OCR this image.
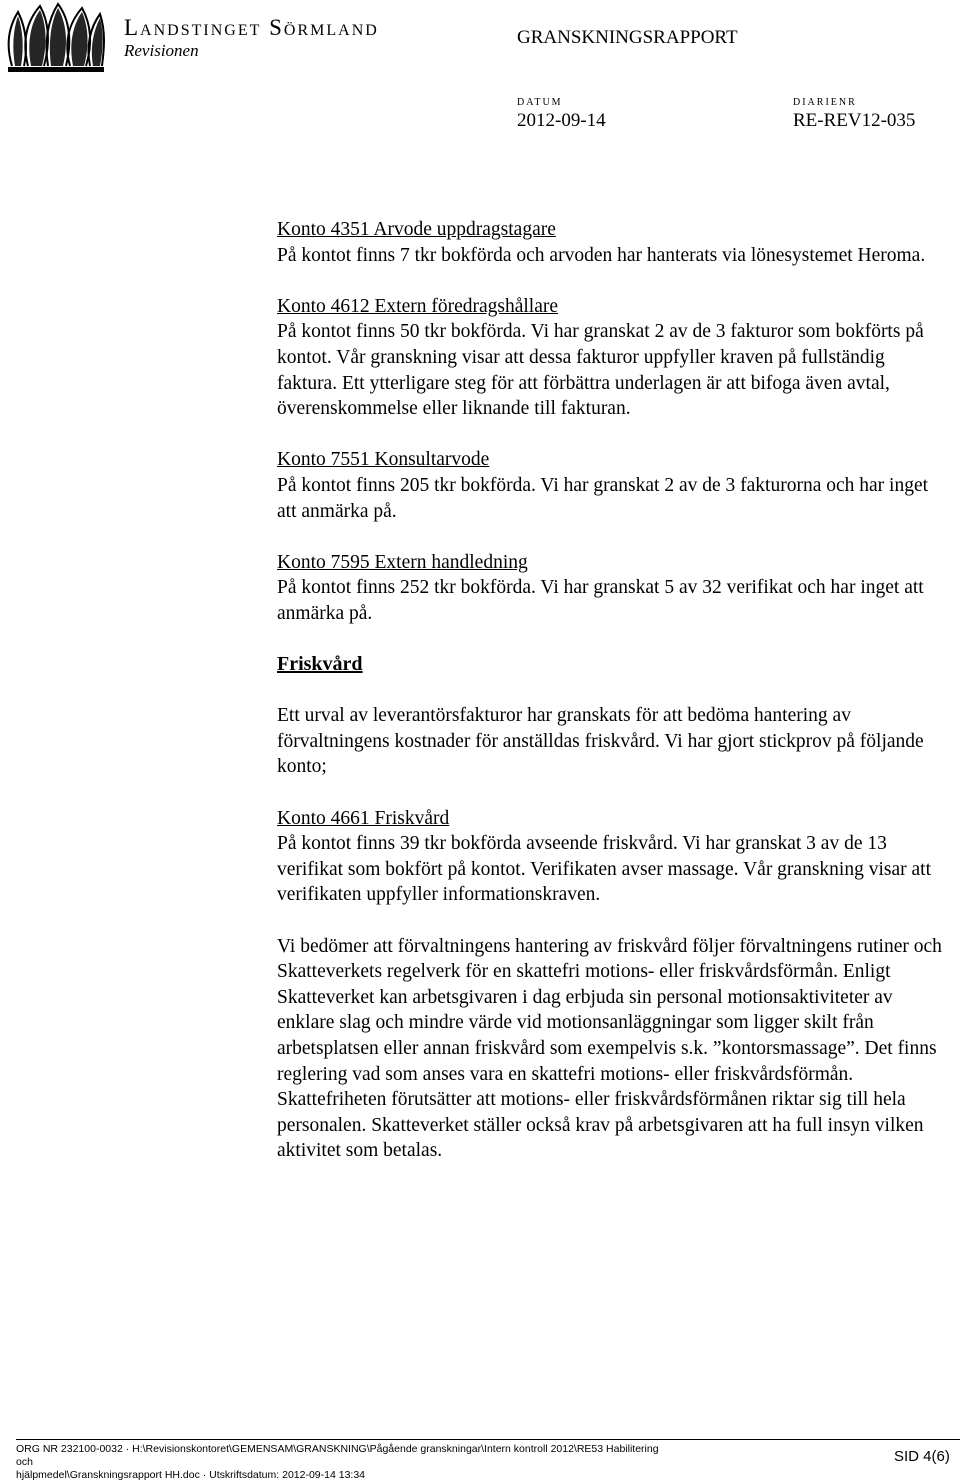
Landstinget Sörmland
Revisionen
GRANSKNINGSRAPPORT
DATUM
2012-09-14
DIARIENR
RE-REV12-035
Konto 4351 Arvode uppdragstagare
På kontot finns 7 tkr bokförda och arvoden har hanterats via lönesystemet Heroma.
Konto 4612 Extern föredragshållare
På kontot finns 50 tkr bokförda. Vi har granskat 2 av de 3 fakturor som bokförts på kontot. Vår granskning visar att dessa fakturor uppfyller kraven på fullständig faktura. Ett ytterligare steg för att förbättra underlagen är att bifoga även avtal, överenskommelse eller liknande till fakturan.
Konto 7551 Konsultarvode
På kontot finns 205 tkr bokförda. Vi har granskat 2 av de 3 fakturorna och har inget att anmärka på.
Konto 7595 Extern handledning
På kontot finns 252 tkr bokförda. Vi har granskat 5 av 32 verifikat och har inget att anmärka på.
Friskvård
Ett urval av leverantörsfakturor har granskats för att bedöma hantering av förvaltningens kostnader för anställdas friskvård. Vi har gjort stickprov på följande konto;
Konto 4661 Friskvård
På kontot finns 39 tkr bokförda avseende friskvård. Vi har granskat 3 av de 13 verifikat som bokfört på kontot. Verifikaten avser massage. Vår granskning visar att verifikaten uppfyller informationskraven.
Vi bedömer att förvaltningens hantering av friskvård följer förvaltningens rutiner och Skatteverkets regelverk för en skattefri motions- eller friskvårdsförmån. Enligt Skatteverket kan arbetsgivaren i dag erbjuda sin personal motionsaktiviteter av enklare slag och mindre värde vid motionsanläggningar som ligger skilt från arbetsplatsen eller annan friskvård som exempelvis s.k. ”kontorsmassage”. Det finns reglering vad som anses vara en skattefri motions- eller friskvårdsförmån. Skattefriheten förutsätter att motions- eller friskvårdsförmånen riktar sig till hela personalen. Skatteverket ställer också krav på arbetsgivaren att ha full insyn vilken aktivitet som betalas.
ORG NR 232100-0032 · H:\Revisionskontoret\GEMENSAM\GRANSKNING\Pågående granskningar\Intern kontroll 2012\RE53 Habilitering och
hjälpmedel\Granskningsrapport HH.doc · Utskriftsdatum: 2012-09-14 13:34
SID 4(6)
